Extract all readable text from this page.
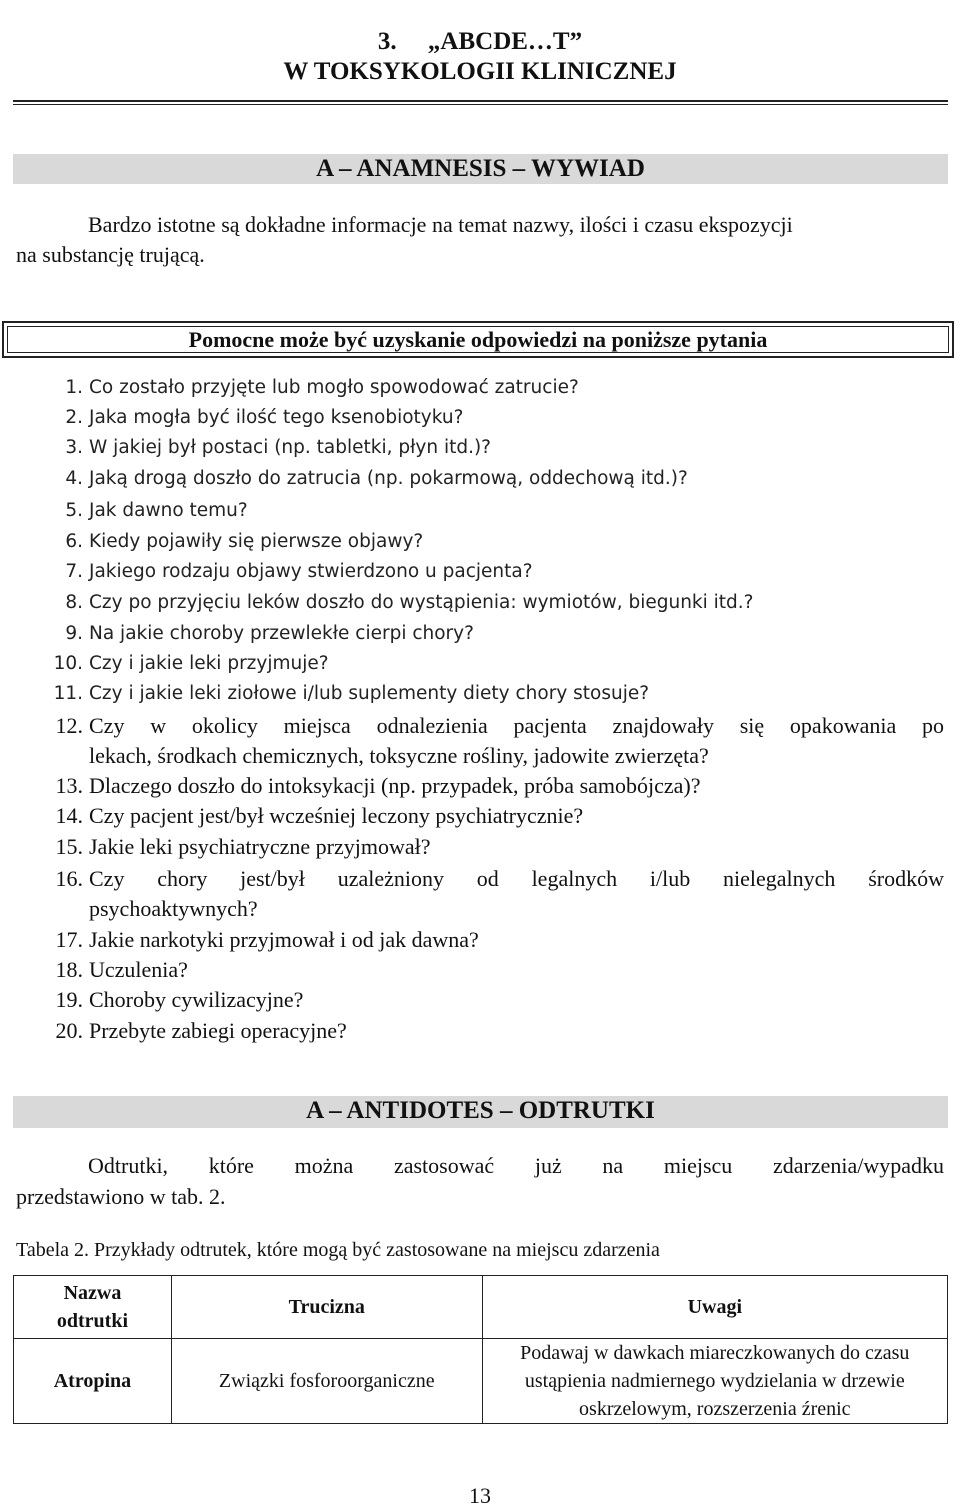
3.     „ABCDE…T”
W TOKSYKOLOGII KLINICZNEJ
A – ANAMNESIS – WYWIAD
Bardzo istotne są dokładne informacje na temat nazwy, ilości i czasu ekspozycji
na substancję trującą.
Pomocne może być uzyskanie odpowiedzi na poniższe pytania
1. Co zostało przyjęte lub mogło spowodować zatrucie?
2. Jaka mogła być ilość tego ksenobiotyku?
3. W jakiej był postaci (np. tabletki, płyn itd.)?
4. Jaką drogą doszło do zatrucia (np. pokarmową, oddechową itd.)?
5. Jak dawno temu?
6. Kiedy pojawiły się pierwsze objawy?
7. Jakiego rodzaju objawy stwierdzono u pacjenta?
8. Czy po przyjęciu leków doszło do wystąpienia: wymiotów, biegunki itd.?
9. Na jakie choroby przewlekłe cierpi chory?
10. Czy i jakie leki przyjmuje?
11. Czy i jakie leki ziołowe i/lub suplementy diety chory stosuje?
12. Czy w okolicy miejsca odnalezienia pacjenta znajdowały się opakowania po
lekach, środkach chemicznych, toksyczne rośliny, jadowite zwierzęta?
13. Dlaczego doszło do intoksykacji (np. przypadek, próba samobójcza)?
14. Czy pacjent jest/był wcześniej leczony psychiatrycznie?
15. Jakie leki psychiatryczne przyjmował?
16. Czy chory jest/był uzależniony od legalnych i/lub nielegalnych środków
psychoaktywnych?
17. Jakie narkotyki przyjmował i od jak dawna?
18. Uczulenia?
19. Choroby cywilizacyjne?
20. Przebyte zabiegi operacyjne?
A – ANTIDOTES – ODTRUTKI
Odtrutki, które można zastosować już na miejscu zdarzenia/wypadku
przedstawiono w tab. 2.
Tabela 2. Przykłady odtrutek, które mogą być zastosowane na miejscu zdarzenia
Nazwa odtrutki	Trucizna	Uwagi
Atropina	Związki fosforoorganiczne	Podawaj w dawkach miareczkowanych do czasu ustąpienia nadmiernego wydzielania w drzewie oskrzelowym, rozszerzenia źrenic
13
